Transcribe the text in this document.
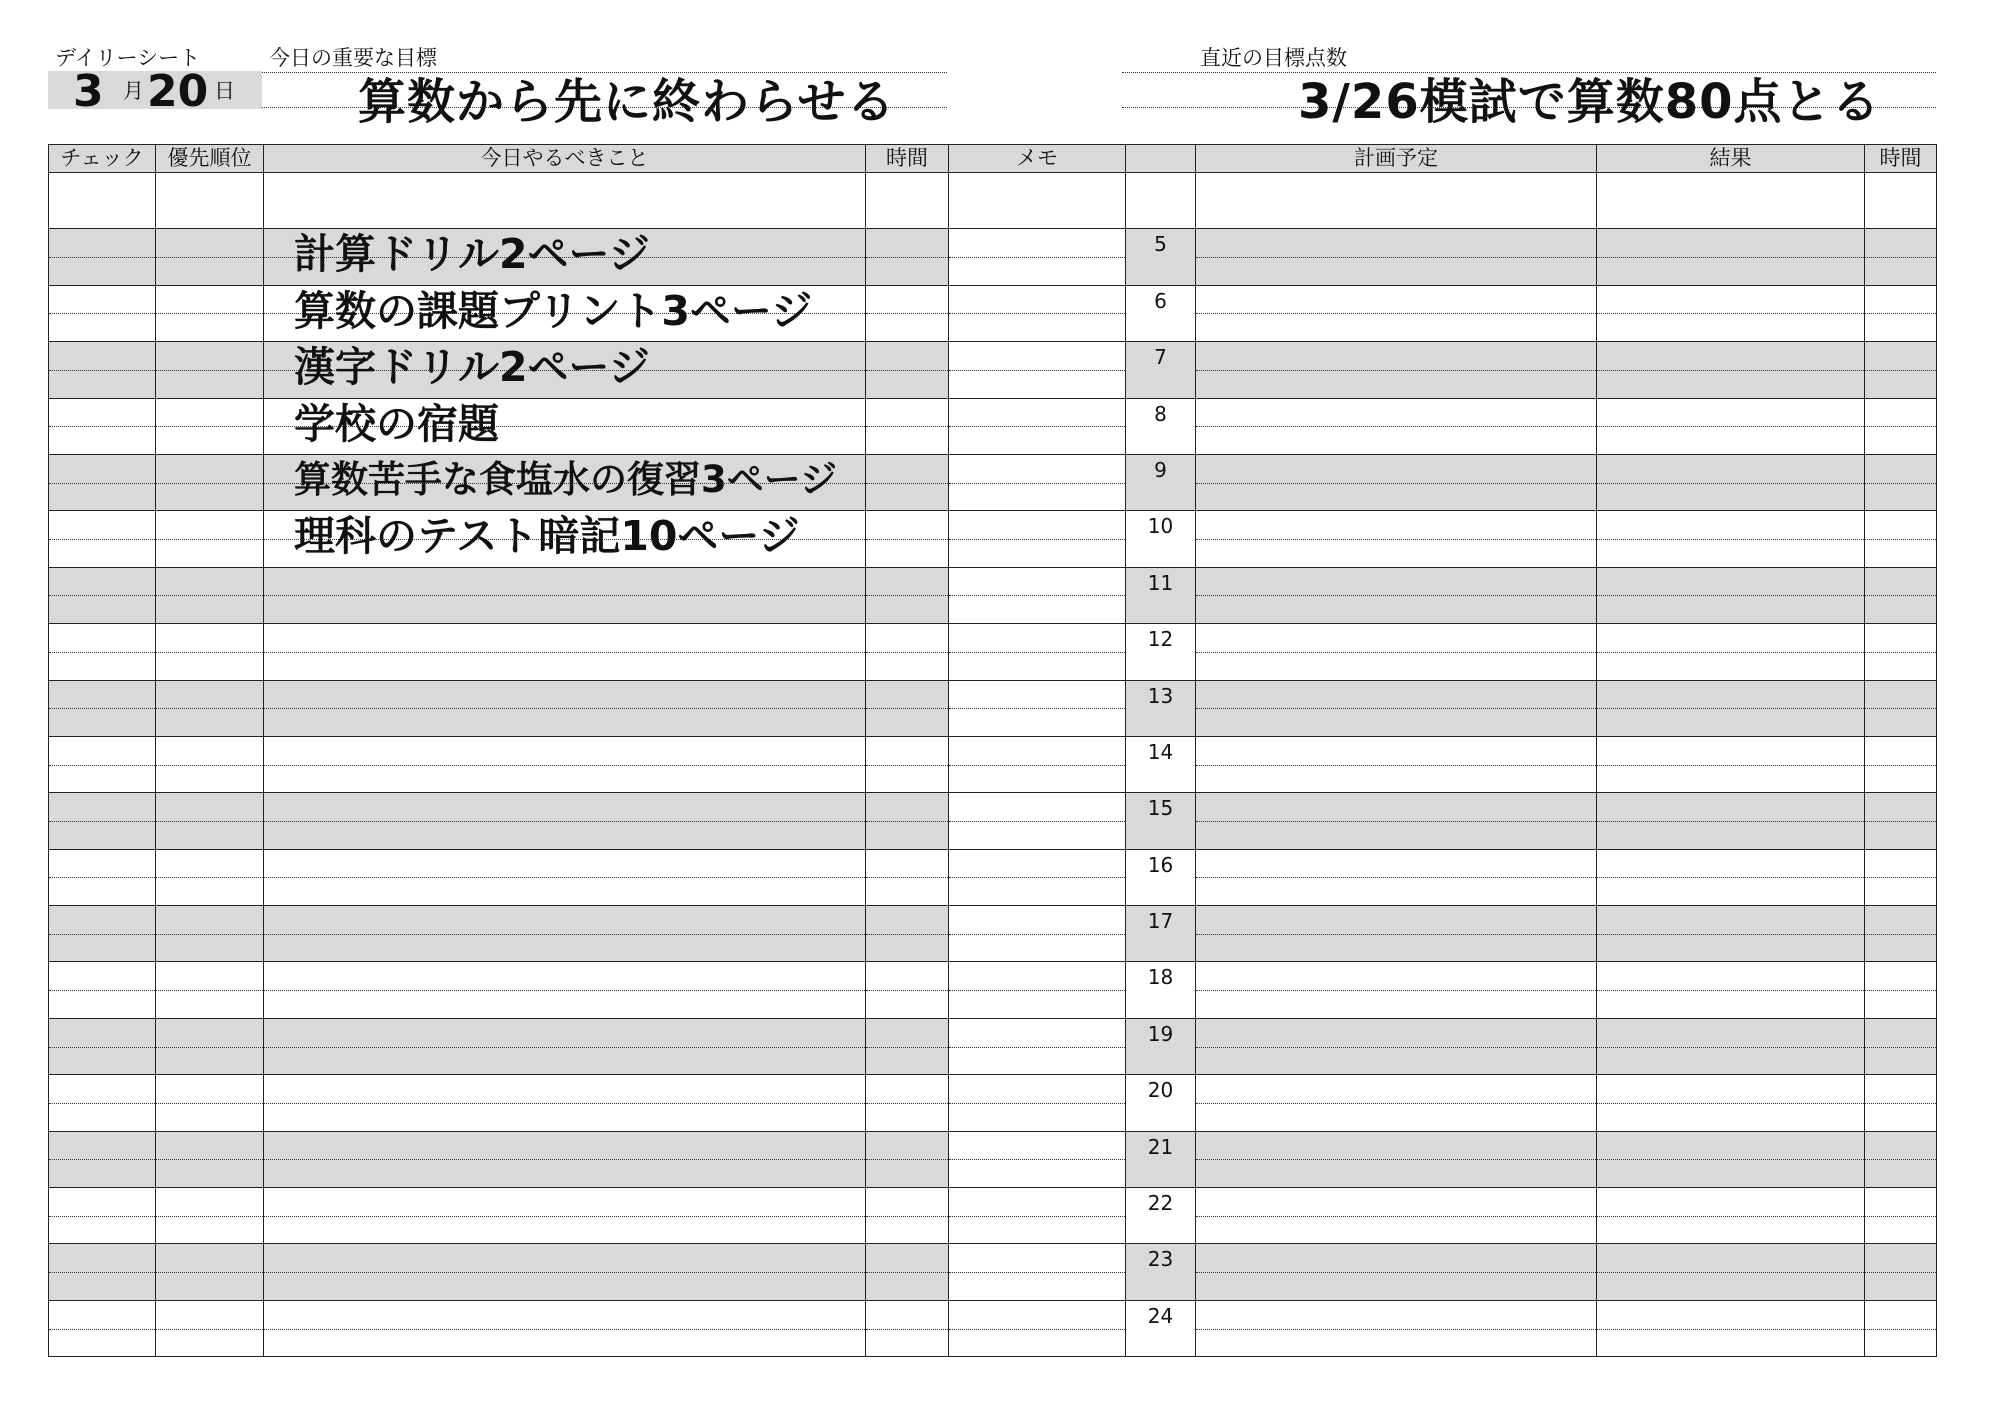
デイリーシート	今日の重要な目標	直近の目標点数
3 月 20 日	算数から先に終わらせる	3/26模試で算数80点とる
チェック	優先順位	今日やるべきこと	時間	メモ		計画予定	結果	時間

		計算ドリル2ページ			5			

		算数の課題プリント3ページ			6			

		漢字ドリル2ページ			7			

		学校の宿題			8			

		算数苦手な食塩水の復習3ページ			9			

		理科のテスト暗記10ページ			10			

					11			

					12			

					13			

					14			

					15			

					16			

					17			

					18			

					19			

					20			

					21			

					22			

					23			

					24			
